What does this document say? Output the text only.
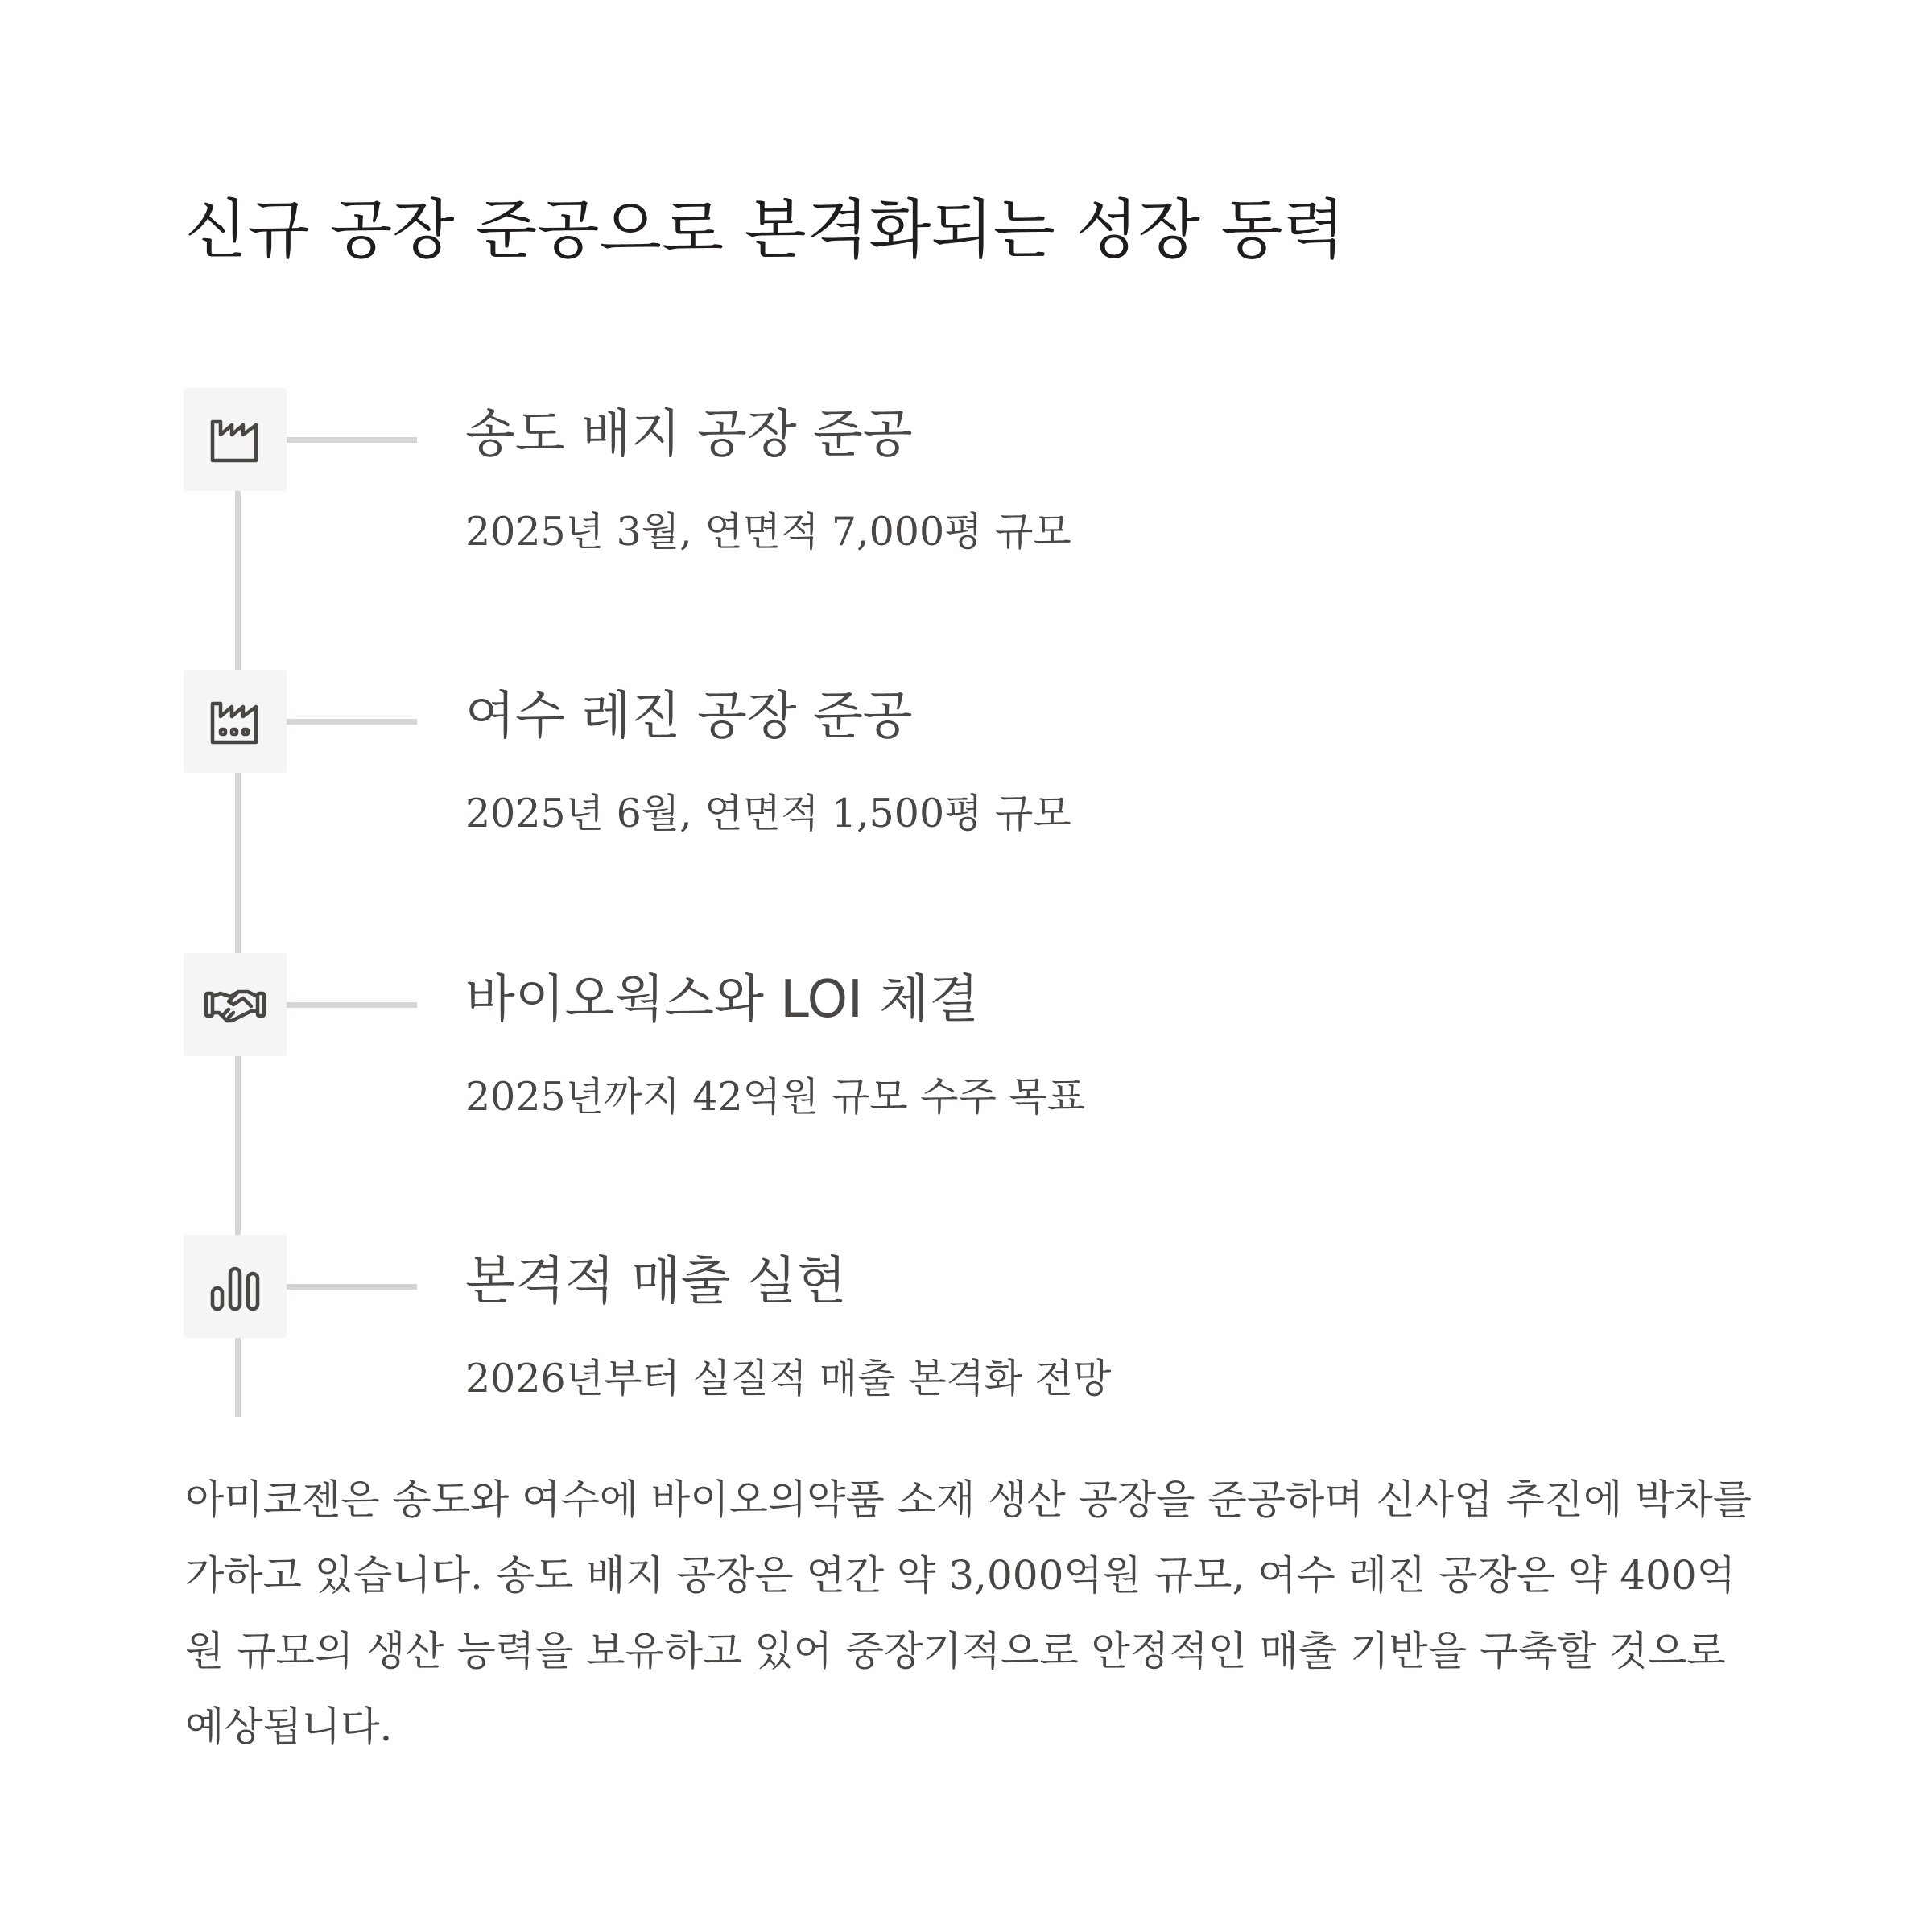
신규 공장 준공으로 본격화되는 성장 동력
송도 배지 공장 준공

2025년 3월, 연면적 7,000평 규모

여수 레진 공장 준공

2025년 6월, 연면적 1,500평 규모

바이오웍스와 LOI 체결

2025년까지 42억원 규모 수주 목표

본격적 매출 실현

2026년부터 실질적 매출 본격화 전망

아미코젠은 송도와 여수에 바이오의약품 소재 생산 공장을 준공하며 신사업 추진에 박차를 가하고 있습니다. 송도 배지 공장은 연간 약 3,000억원 규모, 여수 레진 공장은 약 400억원 규모의 생산 능력을 보유하고 있어 중장기적으로 안정적인 매출 기반을 구축할 것으로 예상됩니다.
